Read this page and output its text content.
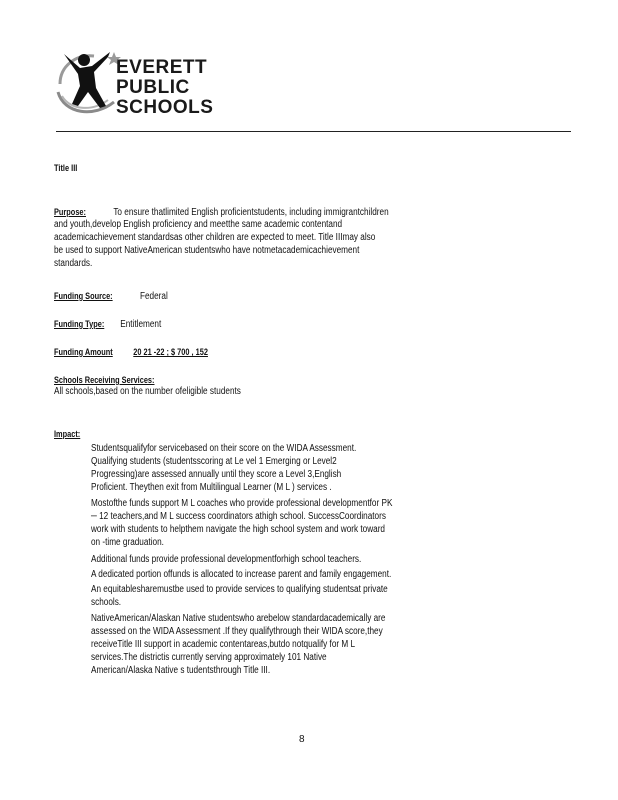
EVERETT
PUBLIC
SCHOOLS
Title III
Purpose:	To ensure thatlimited English proficientstudents, including immigrantchildren
and youth,develop English proficiency and meetthe same academic contentand
academicachievement standardsas other children are expected to meet. Title IIImay also
be used to support NativeAmerican studentswho have notmetacademicachievement
standards.
Funding Source:	Federal
Funding Type: Entitlement
Funding Amount 20 21 -22 ; $ 700 , 152
Schools Receiving Services:
All schools,based on the number ofeligible students
Impact:
Studentsqualifyfor servicebased on their score on the WIDA Assessment.
Qualifying students (studentsscoring at Le vel 1 Emerging or Level2
Progressing)are assessed annually until they score a Level 3,English
Proficient. Theythen exit from Multilingual Learner (M L ) services .
Mostofthe funds support M L coaches who provide professional developmentfor PK
─ 12 teachers,and M L success coordinators athigh school. SuccessCoordinators
work with students to helpthem navigate the high school system and work toward
on -time graduation.
Additional funds provide professional developmentforhigh school teachers.
A dedicated portion offunds is allocated to increase parent and family engagement.
An equitablesharemustbe used to provide services to qualifying studentsat private
schools.
NativeAmerican/Alaskan Native studentswho arebelow standardacademically are
assessed on the WIDA Assessment .If they qualifythrough their WIDA score,they
receiveTitle III support in academic contentareas,butdo notqualify for M L
services.The districtis currently serving approximately 101 Native
American/Alaska Native s tudentsthrough Title III.
8
